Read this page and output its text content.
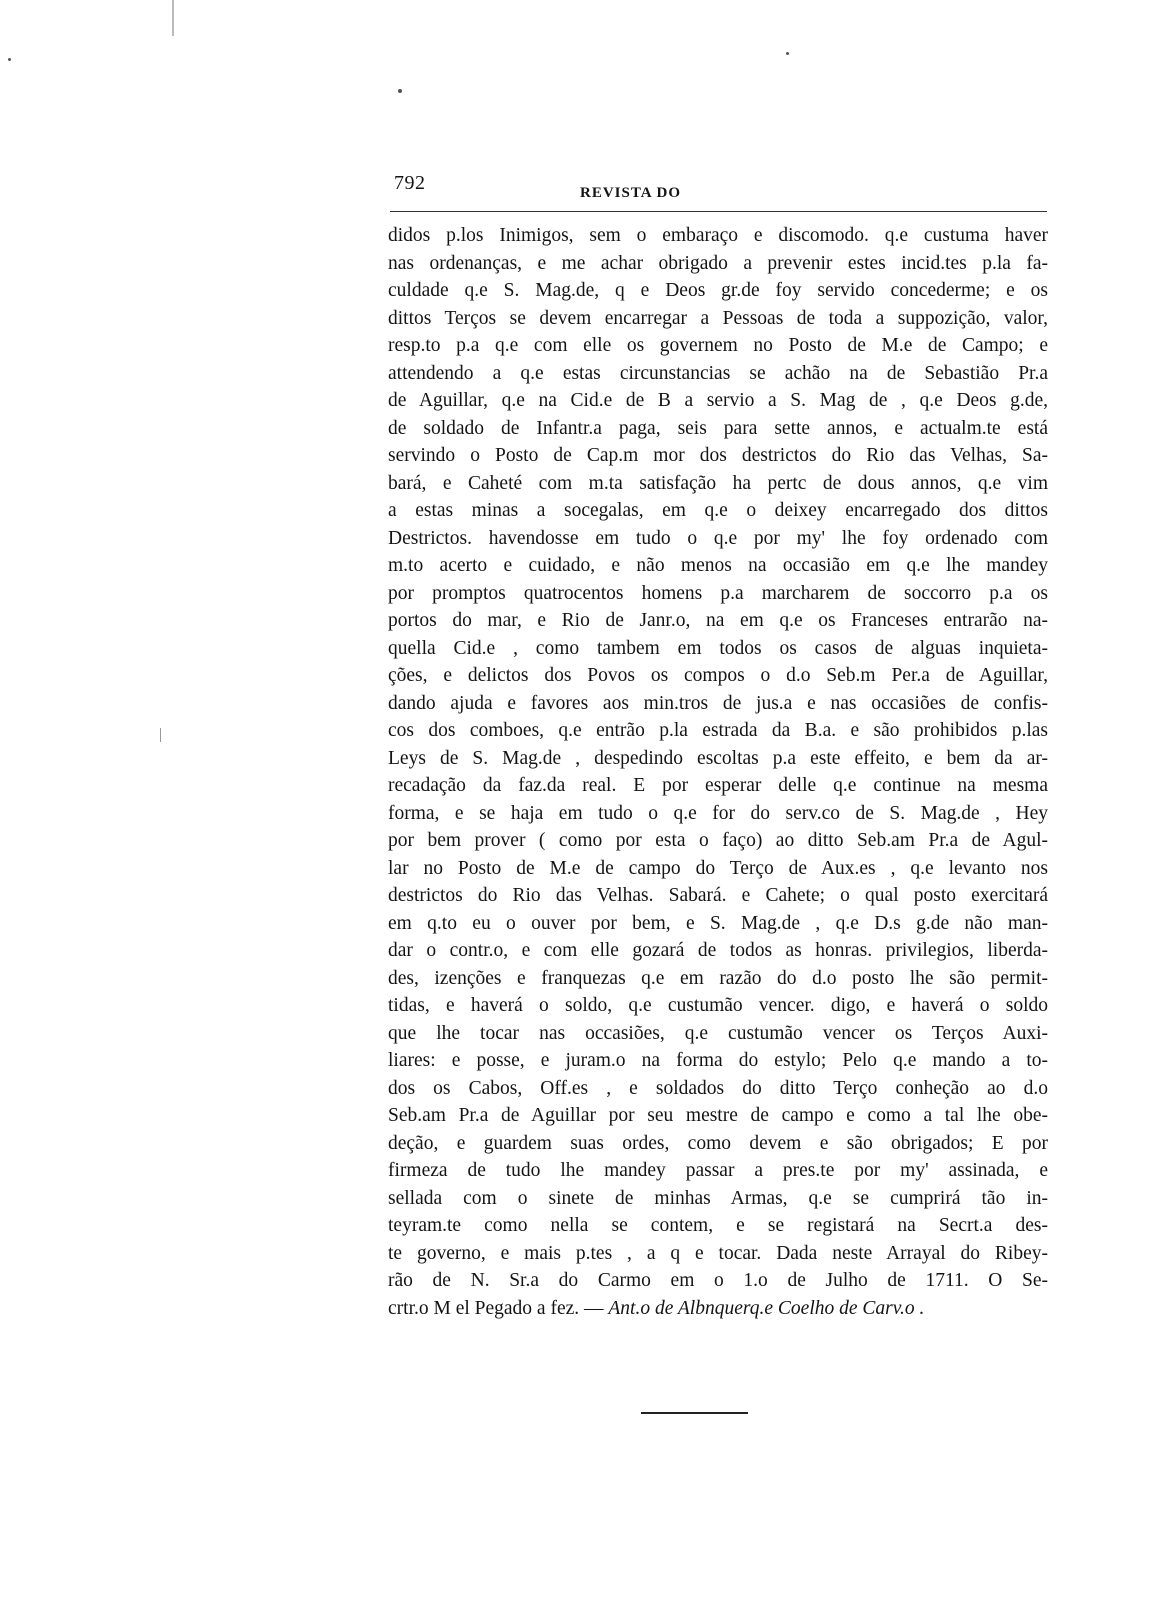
792	REVISTA DO
didos p.los Inimigos, sem o embaraço e discomodo. q.e custuma haver
nas ordenanças, e me achar obrigado a prevenir estes incid.tes p.la fa-
culdade q.e S. Mag.de, q e Deos gr.de foy servido concederme; e os
dittos Terços se devem encarregar a Pessoas de toda a suppozição, valor,
resp.to p.a q.e com elle os governem no Posto de M.e de Campo; e
attendendo a q.e estas circunstancias se achão na de Sebastião Pr.a
de Aguillar, q.e na Cid.e de B a servio a S. Mag de , q.e Deos g.de,
de soldado de Infantr.a paga, seis para sette annos, e actualm.te está
servindo o Posto de Cap.m mor dos destrictos do Rio das Velhas, Sa-
bará, e Caheté com m.ta satisfação ha pertc de dous annos, q.e vim
a estas minas a socegalas, em q.e o deixey encarregado dos dittos
Destrictos. havendosse em tudo o q.e por my' lhe foy ordenado com
m.to acerto e cuidado, e não menos na occasião em q.e lhe mandey
por promptos quatrocentos homens p.a marcharem de soccorro p.a os
portos do mar, e Rio de Janr.o, na em q.e os Franceses entrarão na-
quella Cid.e , como tambem em todos os casos de alguas inquieta-
ções, e delictos dos Povos os compos o d.o Seb.m Per.a de Aguillar,
dando ajuda e favores aos min.tros de jus.a e nas occasiões de confis-
cos dos comboes, q.e entrão p.la estrada da B.a. e são prohibidos p.las
Leys de S. Mag.de , despedindo escoltas p.a este effeito, e bem da ar-
recadação da faz.da real. E por esperar delle q.e continue na mesma
forma, e se haja em tudo o q.e for do serv.co de S. Mag.de , Hey
por bem prover ( como por esta o faço) ao ditto Seb.am Pr.a de Agul-
lar no Posto de M.e de campo do Terço de Aux.es , q.e levanto nos
destrictos do Rio das Velhas. Sabará. e Cahete; o qual posto exercitará
em q.to eu o ouver por bem, e S. Mag.de , q.e D.s g.de não man-
dar o contr.o, e com elle gozará de todos as honras. privilegios, liberda-
des, izenções e franquezas q.e em razão do d.o posto lhe são permit-
tidas, e haverá o soldo, q.e custumão vencer. digo, e haverá o soldo
que lhe tocar nas occasiões, q.e custumão vencer os Terços Auxi-
liares: e posse, e juram.o na forma do estylo; Pelo q.e mando a to-
dos os Cabos, Off.es , e soldados do ditto Terço conheção ao d.o
Seb.am Pr.a de Aguillar por seu mestre de campo e como a tal lhe obe-
deção, e guardem suas ordes, como devem e são obrigados; E por
firmeza de tudo lhe mandey passar a pres.te por my' assinada, e
sellada com o sinete de minhas Armas, q.e se cumprirá tão in-
teyram.te como nella se contem, e se registará na Secrt.a des-
te governo, e mais p.tes , a q e tocar. Dada neste Arrayal do Ribey-
rão de N. Sr.a do Carmo em o 1.o de Julho de 1711. O Se-
crtr.o M el Pegado a fez. — Ant.o de Albnquerq.e Coelho de Carv.o .
